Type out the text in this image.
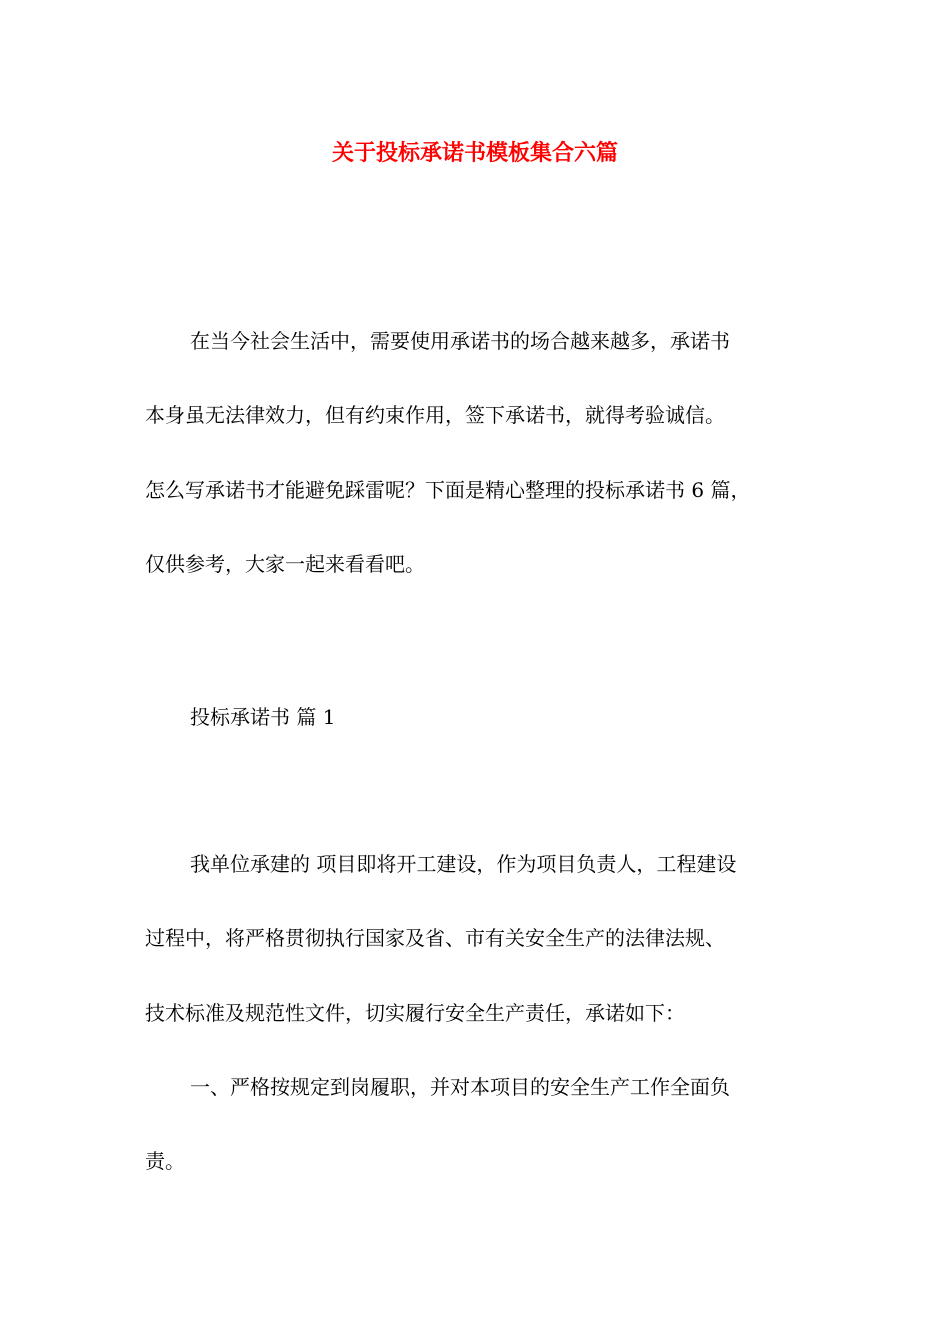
关于投标承诺书模板集合六篇
在当今社会生活中，需要使用承诺书的场合越来越多，承诺书
本身虽无法律效力，但有约束作用，签下承诺书，就得考验诚信。
怎么写承诺书才能避免踩雷呢？下面是精心整理的投标承诺书 6 篇，
仅供参考，大家一起来看看吧。
投标承诺书 篇 1
我单位承建的 项目即将开工建设，作为项目负责人，工程建设
过程中，将严格贯彻执行国家及省、市有关安全生产的法律法规、
技术标准及规范性文件，切实履行安全生产责任，承诺如下：
一、严格按规定到岗履职，并对本项目的安全生产工作全面负
责。
